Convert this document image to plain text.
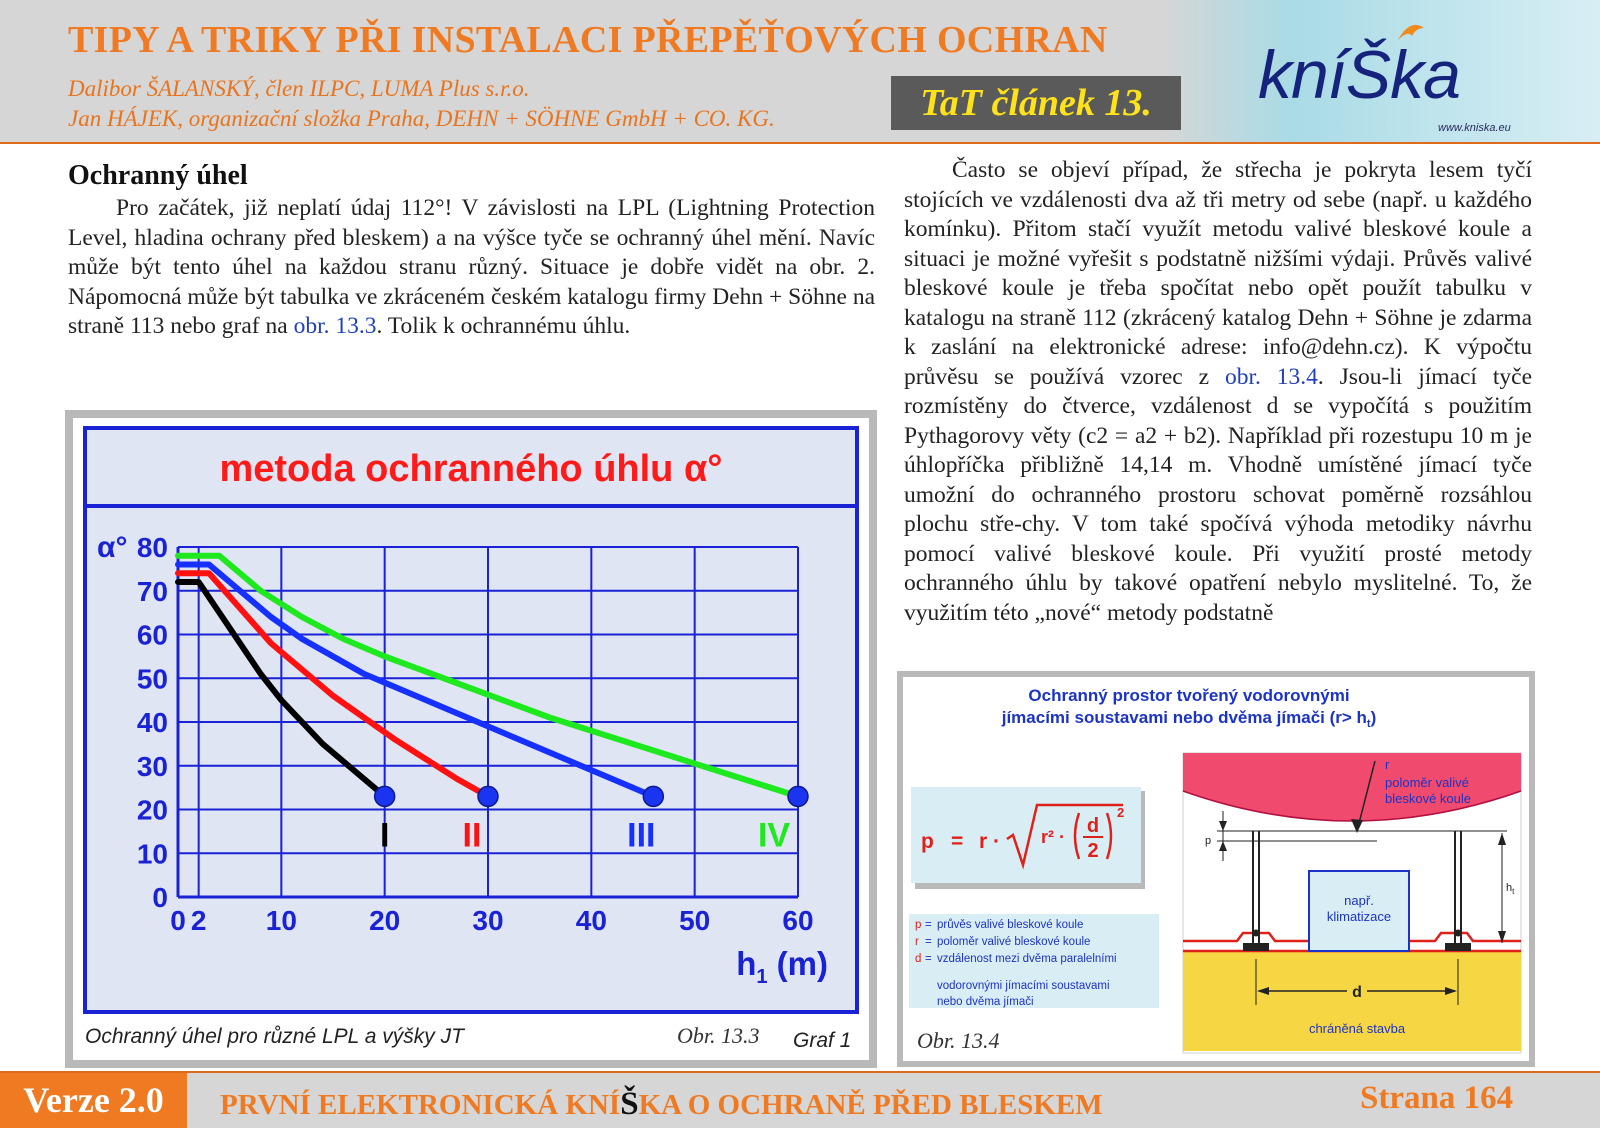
TIPY A TRIKY PŘI INSTALACI PŘEPĚŤOVÝCH OCHRAN
Dalibor ŠALANSKÝ, člen ILPC, LUMA Plus s.r.o.
Jan HÁJEK, organizační složka Praha, DEHN + SÖHNE GmbH + CO. KG.	TaT článek 13.	kníŠka
www.kniska.eu
Ochranný úhel

Pro začátek, již neplatí údaj 112°! V závislosti na LPL (Lightning Protection Level, hladina ochrany před bleskem) a na výšce tyče se ochranný úhel mění. Navíc může být tento úhel na každou stranu různý. Situace je dobře vidět na obr. 2. Nápomocná může být tabulka ve zkráceném českém katalogu firmy Dehn + Söhne na straně 113 nebo graf na obr. 13.3. Tolik k ochrannému úhlu.

Často se objeví případ, že střecha je pokryta lesem tyčí stojících ve vzdálenosti dva až tři metry od sebe (např. u každého komínku). Přitom stačí využít metodu valivé bleskové koule a situaci je možné vyřešit s podstatně nižšími výdaji. Průvěs valivé bleskové koule je třeba spočítat nebo opět použít tabulku v katalogu na straně 112 (zkrácený katalog Dehn + Söhne je zdarma k zaslání na elektronické adrese: info@dehn.cz). K výpočtu průvěsu se používá vzorec z obr. 13.4. Jsou-li jímací tyče rozmístěny do čtverce, vzdálenost d se vypočítá s použitím Pythagorovy věty (c2 = a2 + b2). Například při rozestupu 10 m je úhlopříčka přibližně 14,14 m. Vhodně umístěné jímací tyče umožní do ochranného prostoru schovat poměrně rozsáhlou plochu stře-chy. V tom také spočívá výhoda metodiky návrhu pomocí valivé bleskové koule. Při využití prosté metody ochranného úhlu by takové opatření nebylo myslitelné. To, že využitím této „nové“ metody podstatně

metoda ochranného úhlu α°
0 2 10	20	30	40	50	60
0
10
20
30
40
50
60
70
80
α°
$h_1$ (m)
I II	III	IV
Ochranný úhel pro různé LPL a výšky JT	Obr. 13.3 Graf 1
Ochranný prostor tvořený vodorovnými
jímacími soustavami nebo dvěma jímači $(r> h_t)$
p = r · r² · d
2
2
p = průvěs valivé bleskové koule
r = poloměr valivé bleskové koule
d = vzdálenost mezi dvěma paralelními
vodorovnými jímacími soustavami
nebo dvěma jímači
p
$h_t$
r
poloměr valivé
bleskové koule
např.
klimatizace
d
chráněná stavba
Obr. 13.4
Verze 2.0	PRVNÍ ELEKTRONICKÁ KNÍŠKA O OCHRANĚ PŘED BLESKEM	Strana 164
